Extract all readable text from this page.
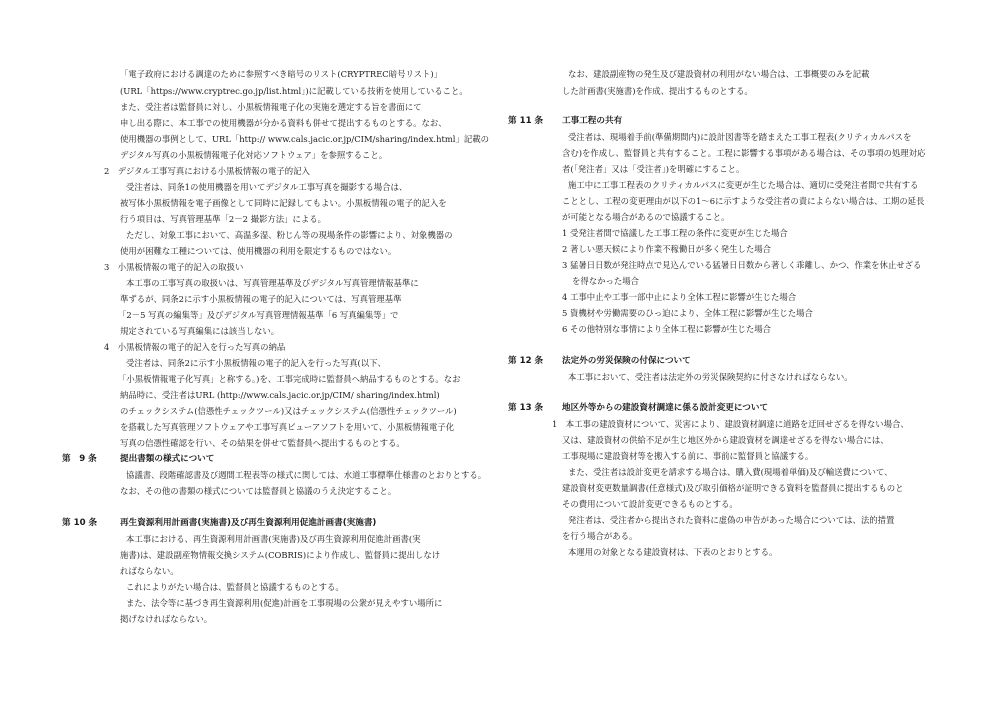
「電子政府における調達のために参照すべき暗号のリスト(CRYPTREC暗号リスト)」
(URL「https://www.cryptrec.go.jp/list.html」)に記載している技術を使用していること。
また、受注者は監督員に対し、小黒板情報電子化の実施を選定する旨を書面にて
申し出る際に、本工事での使用機器が分かる資料も併せて提出するものとする。なお、
使用機器の事例として、URL「http:// www.cals.jacic.or.jp/CIM/sharing/index.html」記載の
デジタル写真の小黒板情報電子化対応ソフトウェア」を参照すること。
2　デジタル工事写真における小黒板情報の電子的記入
受注者は、同条1の使用機器を用いてデジタル工事写真を撮影する場合は、
被写体小黒板情報を電子画像として同時に記録してもよい。小黒板情報の電子的記入を
行う項目は、写真管理基準「2－2 撮影方法」による。
ただし、対象工事において、高温多湿、粉じん等の現場条件の影響により、対象機器の
使用が困難な工種については、使用機器の利用を限定するものではない。
3　小黒板情報の電子的記入の取扱い
本工事の工事写真の取扱いは、写真管理基準及びデジタル写真管理情報基準に
準ずるが、同条2に示す小黒板情報の電子的記入については、写真管理基準
「2－5 写真の編集等」及びデジタル写真管理情報基準「6 写真編集等」で
規定されている写真編集には該当しない。
4　小黒板情報の電子的記入を行った写真の納品
受注者は、同条2に示す小黒板情報の電子的記入を行った写真(以下、
「小黒板情報電子化写真」と称する。)を、工事完成時に監督員へ納品するものとする。なお
納品時に、受注者はURL (http://www.cals.jacic.or.jp/CIM/ sharing/index.html)
のチェックシステム(信憑性チェックツール)又はチェックシステム(信憑性チェックツール)
を搭載した写真管理ソフトウェアや工事写真ビューアソフトを用いて、小黒板情報電子化
写真の信憑性確認を行い、その結果を併せて監督員へ提出するものとする。
第　9 条	提出書類の様式について
協議書、段階確認書及び週間工程表等の様式に関しては、水道工事標準仕様書のとおりとする。
なお、その他の書類の様式については監督員と協議のうえ決定すること。
第 10 条	再生資源利用計画書(実施書)及び再生資源利用促進計画書(実施書)
本工事における、再生資源利用計画書(実施書)及び再生資源利用促進計画書(実
施書)は、建設副産物情報交換システム(COBRIS)により作成し、監督員に提出しなけ
ればならない。
これによりがたい場合は、監督員と協議するものとする。
また、法令等に基づき再生資源利用(促進)計画を工事現場の公衆が見えやすい場所に
掲げなければならない。
なお、建設副産物の発生及び建設資材の利用がない場合は、工事概要のみを記載
した計画書(実施書)を作成、提出するものとする。
第 11 条 工事工程の共有
受注者は、現場着手前(準備期間内)に設計図書等を踏まえた工事工程表(クリティカルパスを
含む)を作成し、監督員と共有すること。工程に影響する事項がある場合は、その事項の処理対応
者(「発注者」又は「受注者」)を明確にすること。
施工中に工事工程表のクリティカルパスに変更が生じた場合は、適切に受発注者間で共有する
こととし、工程の変更理由が以下の1～6に示すような受注者の責によらない場合は、工期の延長
が可能となる場合があるので協議すること。
1 受発注者間で協議した工事工程の条件に変更が生じた場合
2 著しい悪天候により作業不稼働日が多く発生した場合
3 猛暑日日数が発注時点で見込んでいる猛暑日日数から著しく乖離し、かつ、作業を休止せざる
を得なかった場合
4 工事中止や工事一部中止により全体工程に影響が生じた場合
5 資機材や労働需要のひっ迫により、全体工程に影響が生じた場合
6 その他特別な事情により全体工程に影響が生じた場合
第 12 条 法定外の労災保険の付保について
本工事において、受注者は法定外の労災保険契約に付さなければならない。
第 13 条 地区外等からの建設資材調達に係る設計変更について
1　本工事の建設資材について、災害により、建設資材調達に道路を迂回せざるを得ない場合、
又は、建設資材の供給不足が生じ地区外から建設資材を調達せざるを得ない場合には、
工事現場に建設資材等を搬入する前に、事前に監督員と協議する。
また、受注者は設計変更を請求する場合は、購入費(現場着単価)及び輸送費について、
建設資材変更数量調書(任意様式)及び取引価格が証明できる資料を監督員に提出するものと
その費用について設計変更できるものとする。
発注者は、受注者から提出された資料に虚偽の申告があった場合については、法的措置
を行う場合がある。
本運用の対象となる建設資材は、下表のとおりとする。
